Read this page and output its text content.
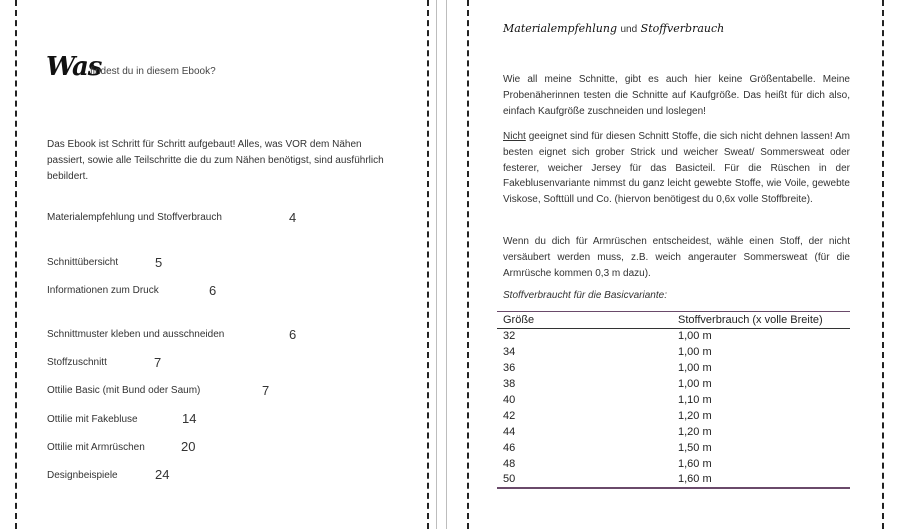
Was
findest du in diesem Ebook?
Das Ebook ist Schritt für Schritt aufgebaut! Alles, was VOR dem Nähen passiert, sowie alle Teilschritte die du zum Nähen benötigst, sind ausführlich bebildert.
Materialempfehlung und Stoffverbrauch	4
Schnittübersicht	5
Informationen zum Druck	6
Schnittmuster kleben und ausschneiden	6
Stoffzuschnitt	7
Ottilie Basic (mit Bund oder Saum)	7
Ottilie mit Fakebluse	14
Ottilie mit Armrüschen	20
Designbeispiele	24
Materialempfehlung und Stoffverbrauch
Wie all meine Schnitte, gibt es auch hier keine Größentabelle. Meine Probenäherinnen testen die Schnitte auf Kaufgröße. Das heißt für dich also, einfach Kaufgröße zuschneiden und loslegen!
Nicht geeignet sind für diesen Schnitt Stoffe, die sich nicht dehnen lassen! Am besten eignet sich grober Strick und weicher Sweat/ Sommersweat oder festerer, weicher Jersey für das Basicteil. Für die Rüschen in der Fakeblusenvariante nimmst du ganz leicht gewebte Stoffe, wie Voile, gewebte Viskose, Softtüll und Co. (hiervon benötigest du 0,6x volle Stoffbreite).
Wenn du dich für Armrüschen entscheidest, wähle einen Stoff, der nicht versäubert werden muss, z.B. weich angerauter Sommersweat (für die Armrüsche kommen 0,3 m dazu).
Stoffverbraucht für die Basicvariante:
Größe	Stoffverbrauch (x volle Breite)
32	1,00 m
34	1,00 m
36	1,00 m
38	1,00 m
40	1,10 m
42	1,20 m
44	1,20 m
46	1,50 m
48	1,60 m
50	1,60 m
